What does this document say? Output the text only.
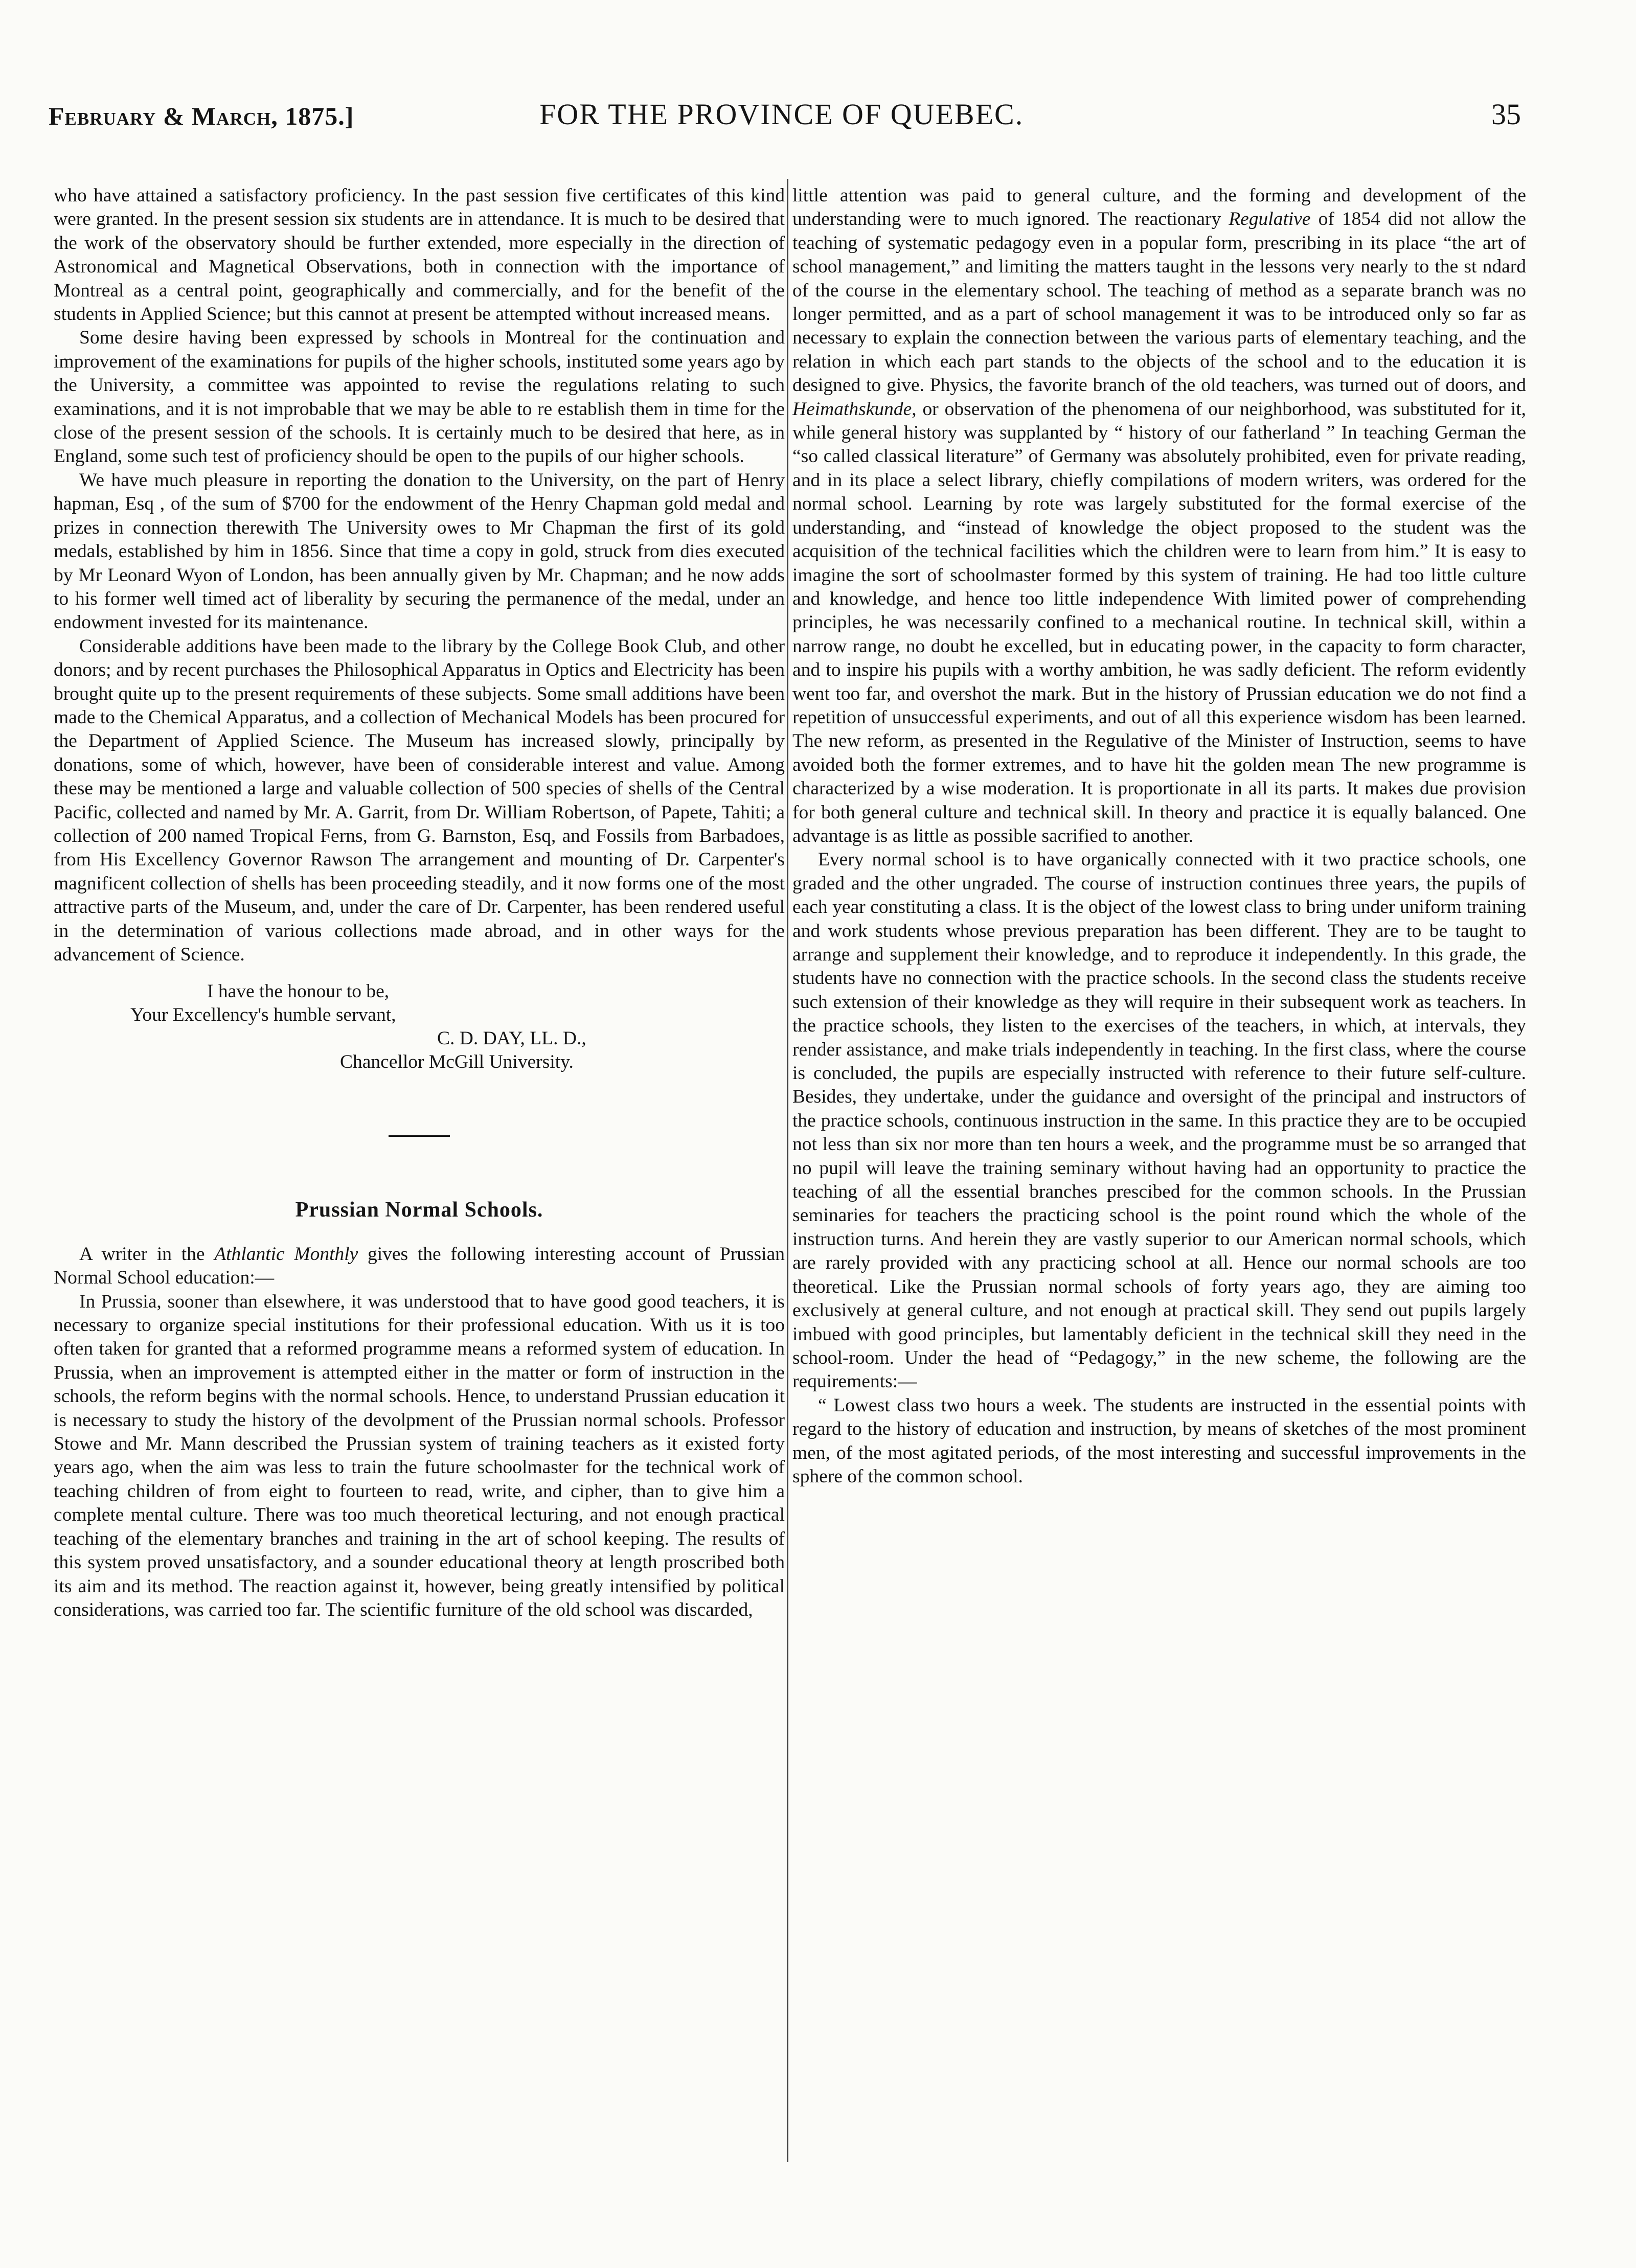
February & March, 1875.]	FOR THE PROVINCE OF QUEBEC.	35

who have attained a satisfactory proficiency. In the past session five certificates of this kind were granted. In the present session six students are in attendance. It is much to be desired that the work of the observatory should be further extended, more especially in the direction of Astronomical and Magnetical Observations, both in connection with the importance of Montreal as a central point, geographically and commercially, and for the benefit of the students in Applied Science; but this cannot at present be attempted without increased means.

Some desire having been expressed by schools in Montreal for the continuation and improvement of the examinations for pupils of the higher schools, instituted some years ago by the University, a committee was appointed to revise the regulations relating to such examinations, and it is not improbable that we may be able to re establish them in time for the close of the present session of the schools. It is certainly much to be desired that here, as in England, some such test of proficiency should be open to the pupils of our higher schools.

We have much pleasure in reporting the donation to the University, on the part of Henry hapman, Esq , of the sum of $700 for the endowment of the Henry Chapman gold medal and prizes in connection therewith The University owes to Mr Chapman the first of its gold medals, established by him in 1856. Since that time a copy in gold, struck from dies executed by Mr Leonard Wyon of London, has been annually given by Mr. Chapman; and he now adds to his former well timed act of liberality by securing the permanence of the medal, under an endowment invested for its maintenance.

Considerable additions have been made to the library by the College Book Club, and other donors; and by recent purchases the Philosophical Apparatus in Optics and Electricity has been brought quite up to the present requirements of these subjects. Some small additions have been made to the Chemical Apparatus, and a collection of Mechanical Models has been procured for the Department of Applied Science. The Museum has increased slowly, principally by donations, some of which, however, have been of considerable interest and value. Among these may be mentioned a large and valuable collection of 500 species of shells of the Central Pacific, collected and named by Mr. A. Garrit, from Dr. William Robertson, of Papete, Tahiti; a collection of 200 named Tropical Ferns, from G. Barnston, Esq, and Fossils from Barbadoes, from His Excellency Governor Rawson The arrangement and mounting of Dr. Carpenter's magnificent collection of shells has been proceeding steadily, and it now forms one of the most attractive parts of the Museum, and, under the care of Dr. Carpenter, has been rendered useful in the determination of various collections made abroad, and in other ways for the advancement of Science.

I have the honour to be,
Your Excellency's humble servant,
C. D. DAY, LL. D.,
Chancellor McGill University.
Prussian Normal Schools.

A writer in the Athlantic Monthly gives the following interesting account of Prussian Normal School education:—

In Prussia, sooner than elsewhere, it was understood that to have good good teachers, it is necessary to organize special institutions for their professional education. With us it is too often taken for granted that a reformed programme means a reformed system of education. In Prussia, when an improvement is attempted either in the matter or form of instruction in the schools, the reform begins with the normal schools. Hence, to understand Prussian education it is necessary to study the history of the devolpment of the Prussian normal schools. Professor Stowe and Mr. Mann described the Prussian system of training teachers as it existed forty years ago, when the aim was less to train the future schoolmaster for the technical work of teaching children of from eight to fourteen to read, write, and cipher, than to give him a complete mental culture. There was too much theoretical lecturing, and not enough practical teaching of the elementary branches and training in the art of school keeping. The results of this system proved unsatisfactory, and a sounder educational theory at length proscribed both its aim and its method. The reaction against it, however, being greatly intensified by political considerations, was carried too far. The scientific furniture of the old school was discarded,

little attention was paid to general culture, and the forming and development of the understanding were to much ignored. The reactionary Regulative of 1854 did not allow the teaching of systematic pedagogy even in a popular form, prescribing in its place “the art of school management,” and limiting the matters taught in the lessons very nearly to the st ndard of the course in the elementary school. The teaching of method as a separate branch was no longer permitted, and as a part of school management it was to be introduced only so far as necessary to explain the connection between the various parts of elementary teaching, and the relation in which each part stands to the objects of the school and to the education it is designed to give. Physics, the favorite branch of the old teachers, was turned out of doors, and Heimathskunde, or observation of the phenomena of our neighborhood, was substituted for it, while general history was supplanted by “ history of our fatherland ” In teaching German the “so called classical literature” of Germany was absolutely prohibited, even for private reading, and in its place a select library, chiefly compilations of modern writers, was ordered for the normal school. Learning by rote was largely substituted for the formal exercise of the understanding, and “instead of knowledge the object proposed to the student was the acquisition of the technical facilities which the children were to learn from him.” It is easy to imagine the sort of schoolmaster formed by this system of training. He had too little culture and knowledge, and hence too little independence With limited power of comprehending principles, he was necessarily confined to a mechanical routine. In technical skill, within a narrow range, no doubt he excelled, but in educating power, in the capacity to form character, and to inspire his pupils with a worthy ambition, he was sadly deficient. The reform evidently went too far, and overshot the mark. But in the history of Prussian education we do not find a repetition of unsuccessful experiments, and out of all this experience wisdom has been learned. The new reform, as presented in the Regulative of the Minister of Instruction, seems to have avoided both the former extremes, and to have hit the golden mean The new programme is characterized by a wise moderation. It is proportionate in all its parts. It makes due provision for both general culture and technical skill. In theory and practice it is equally balanced. One advantage is as little as possible sacrified to another.

Every normal school is to have organically connected with it two practice schools, one graded and the other ungraded. The course of instruction continues three years, the pupils of each year constituting a class. It is the object of the lowest class to bring under uniform training and work students whose previous preparation has been different. They are to be taught to arrange and supplement their knowledge, and to reproduce it independently. In this grade, the students have no connection with the practice schools. In the second class the students receive such extension of their knowledge as they will require in their subsequent work as teachers. In the practice schools, they listen to the exercises of the teachers, in which, at intervals, they render assistance, and make trials independently in teaching. In the first class, where the course is concluded, the pupils are especially instructed with reference to their future self-culture. Besides, they undertake, under the guidance and oversight of the principal and instructors of the practice schools, continuous instruction in the same. In this practice they are to be occupied not less than six nor more than ten hours a week, and the programme must be so arranged that no pupil will leave the training seminary without having had an opportunity to practice the teaching of all the essential branches prescibed for the common schools. In the Prussian seminaries for teachers the practicing school is the point round which the whole of the instruction turns. And herein they are vastly superior to our American normal schools, which are rarely provided with any practicing school at all. Hence our normal schools are too theoretical. Like the Prussian normal schools of forty years ago, they are aiming too exclusively at general culture, and not enough at practical skill. They send out pupils largely imbued with good principles, but lamentably deficient in the technical skill they need in the school-room. Under the head of “Pedagogy,” in the new scheme, the following are the requirements:—

“ Lowest class two hours a week. The students are instructed in the essential points with regard to the history of education and instruction, by means of sketches of the most prominent men, of the most agitated periods, of the most interesting and successful improvements in the sphere of the common school.
